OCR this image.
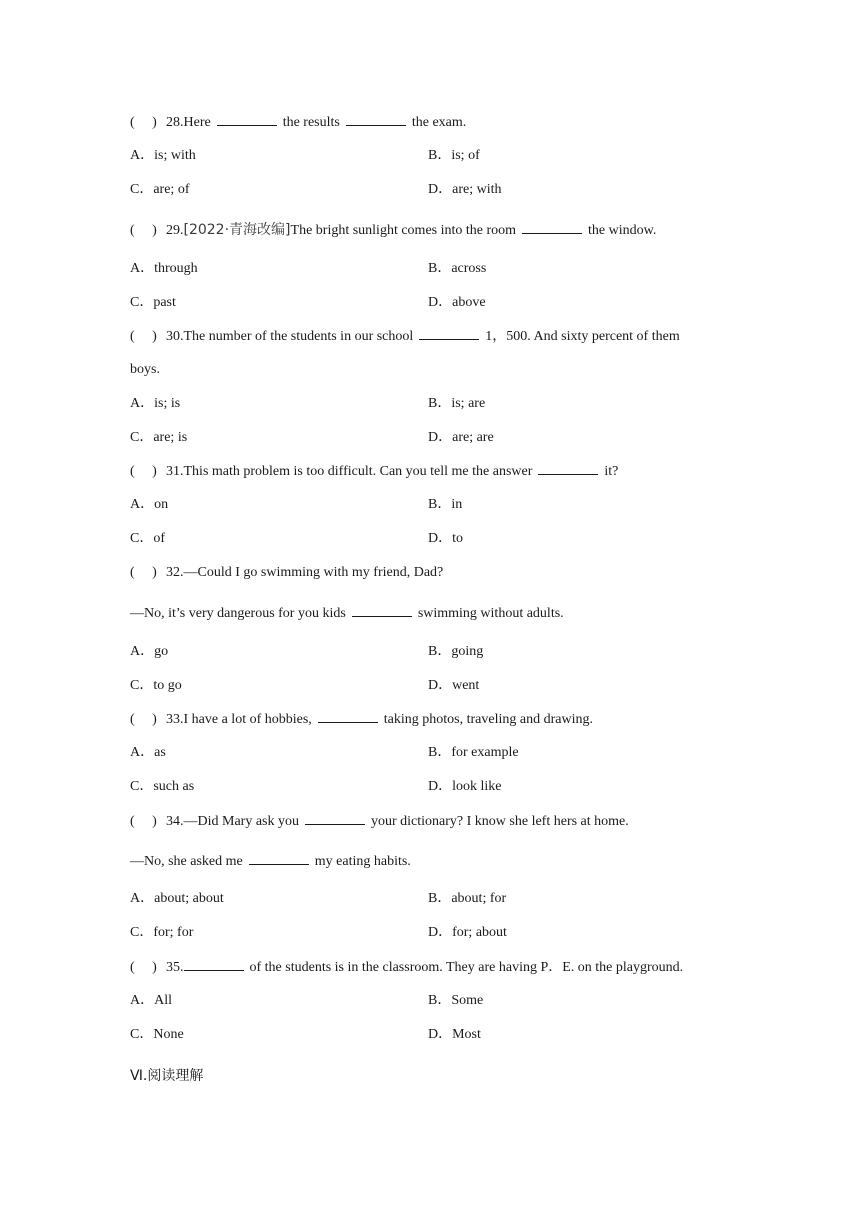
(     ) 28.Here	the results	the exam.
A．is; with	B．is; of
C．are; of	D．are; with
(     ) 29.[2022·青海改编]The bright sunlight comes into the room	the window.
A．through	B．across
C．past	D．above
(     ) 30.The number of the students in our school	1，500. And sixty percent of them
boys.
A．is; is	B．is; are
C．are; is	D．are; are
(     ) 31.This math problem is too difficult. Can you tell me the answer	it?
A．on	B．in
C．of	D．to
(     ) 32.—Could I go swimming with my friend, Dad?
—No, it’s very dangerous for you kids	swimming without adults.
A．go	B．going
C．to go	D．went
(     ) 33.I have a lot of hobbies,	taking photos, traveling and drawing.
A．as	B．for example
C．such as	D．look like
(     ) 34.—Did Mary ask you	your dictionary? I know she left hers at home.
—No, she asked me	my eating habits.
A．about; about	B．about; for
C．for; for	D．for; about
(     ) 35.	of the students is in the classroom. They are having P．E. on the playground.
A．All	B．Some
C．None	D．Most
Ⅵ.阅读理解
